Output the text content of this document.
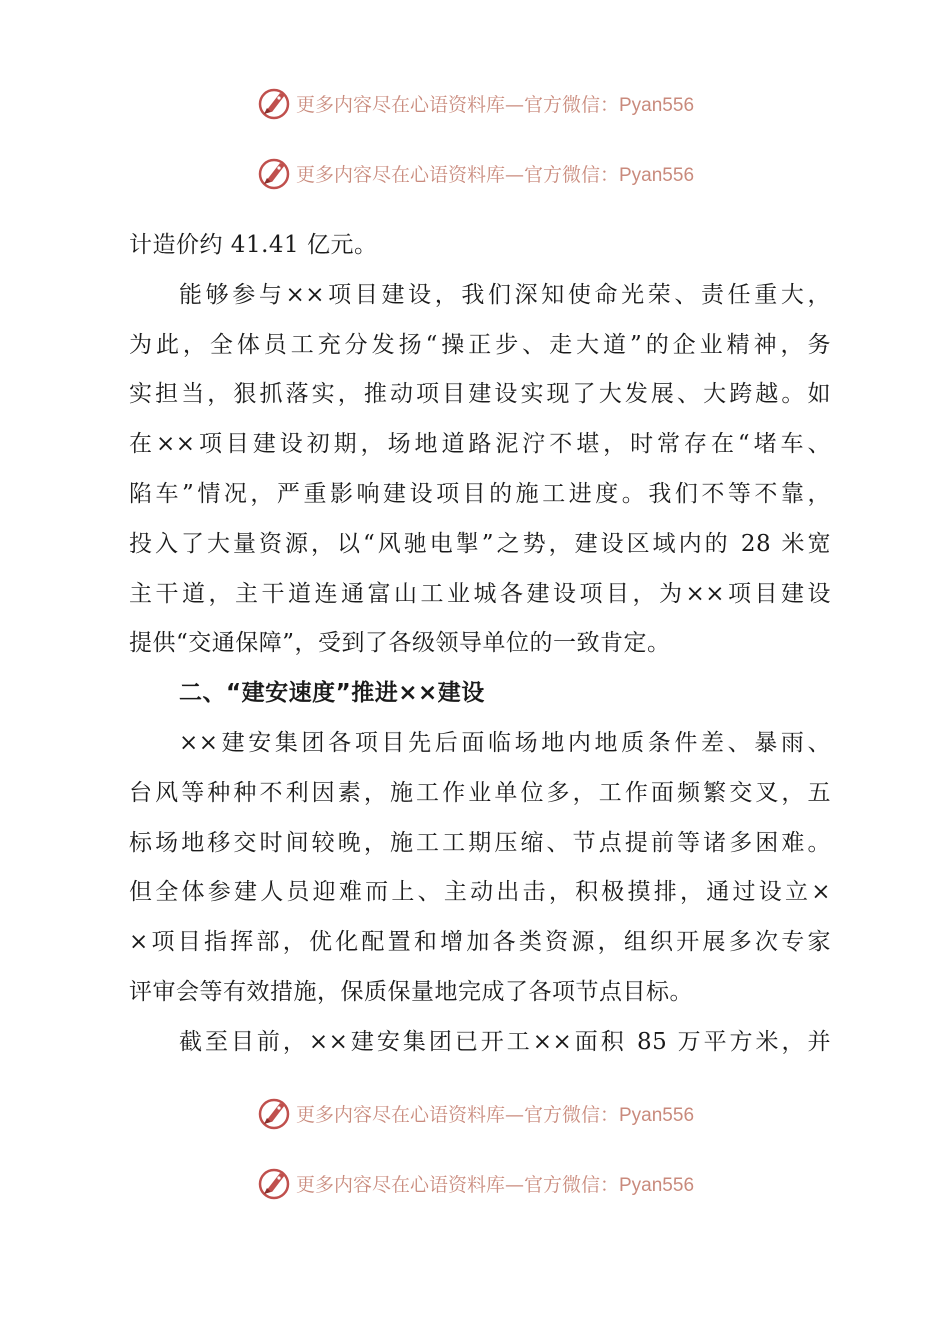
更多内容尽在心语资料库—官方微信：Pyan556
更多内容尽在心语资料库—官方微信：Pyan556
计造价约 41.41 亿元。
能够参与××项目建设，我们深知使命光荣、责任重大，
为此，全体员工充分发扬“操正步、走大道”的企业精神，务
实担当，狠抓落实，推动项目建设实现了大发展、大跨越。如
在××项目建设初期，场地道路泥泞不堪，时常存在“堵车、
陷车”情况，严重影响建设项目的施工进度。我们不等不靠，
投入了大量资源，以“风驰电掣”之势，建设区域内的 28 米宽
主干道，主干道连通富山工业城各建设项目，为××项目建设
提供“交通保障”，受到了各级领导单位的一致肯定。
二、“建安速度”推进××建设
××建安集团各项目先后面临场地内地质条件差、暴雨、
台风等种种不利因素，施工作业单位多，工作面频繁交叉，五
标场地移交时间较晚，施工工期压缩、节点提前等诸多困难。
但全体参建人员迎难而上、主动出击，积极摸排，通过设立×
×项目指挥部，优化配置和增加各类资源，组织开展多次专家
评审会等有效措施，保质保量地完成了各项节点目标。
截至目前，××建安集团已开工××面积 85 万平方米，并
更多内容尽在心语资料库—官方微信：Pyan556
更多内容尽在心语资料库—官方微信：Pyan556
